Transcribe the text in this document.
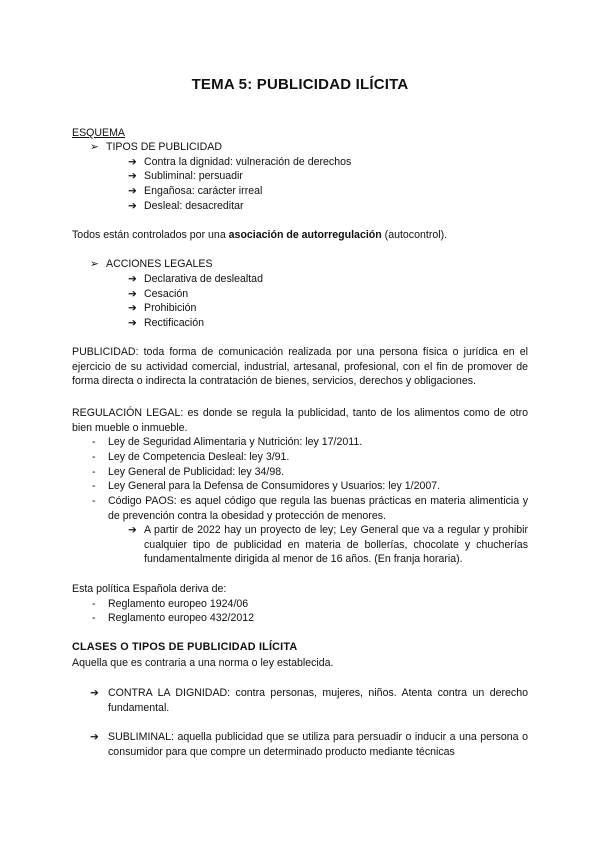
TEMA 5: PUBLICIDAD ILÍCITA
ESQUEMA
➢ TIPOS DE PUBLICIDAD
➔ Contra la dignidad: vulneración de derechos
➔ Subliminal: persuadir
➔ Engañosa: carácter irreal
➔ Desleal: desacreditar
Todos están controlados por una asociación de autorregulación (autocontrol).
➢ ACCIONES LEGALES
➔ Declarativa de deslealtad
➔ Cesación
➔ Prohibición
➔ Rectificación
PUBLICIDAD: toda forma de comunicación realizada por una persona física o jurídica en el ejercicio de su actividad comercial, industrial, artesanal, profesional, con el fin de promover de forma directa o indirecta la contratación de bienes, servicios, derechos y obligaciones.
REGULACIÓN LEGAL: es donde se regula la publicidad, tanto de los alimentos como de otro bien mueble o inmueble.
- Ley de Seguridad Alimentaria y Nutrición: ley 17/2011.
- Ley de Competencia Desleal: ley 3/91.
- Ley General de Publicidad: ley 34/98.
- Ley General para la Defensa de Consumidores y Usuarios: ley 1/2007.
- Código PAOS: es aquel código que regula las buenas prácticas en materia alimenticia y de prevención contra la obesidad y protección de menores.
➔ A partir de 2022 hay un proyecto de ley; Ley General que va a regular y prohibir cualquier tipo de publicidad en materia de bollerías, chocolate y chucherías fundamentalmente dirigida al menor de 16 años. (En franja horaria).
Esta política Española deriva de:
- Reglamento europeo 1924/06
- Reglamento europeo 432/2012
CLASES O TIPOS DE PUBLICIDAD ILÍCITA
Aquella que es contraria a una norma o ley establecida.
➔ CONTRA LA DIGNIDAD: contra personas, mujeres, niños. Atenta contra un derecho fundamental.
➔ SUBLIMINAL: aquella publicidad que se utiliza para persuadir o inducir a una persona o consumidor para que compre un determinado producto mediante técnicas
